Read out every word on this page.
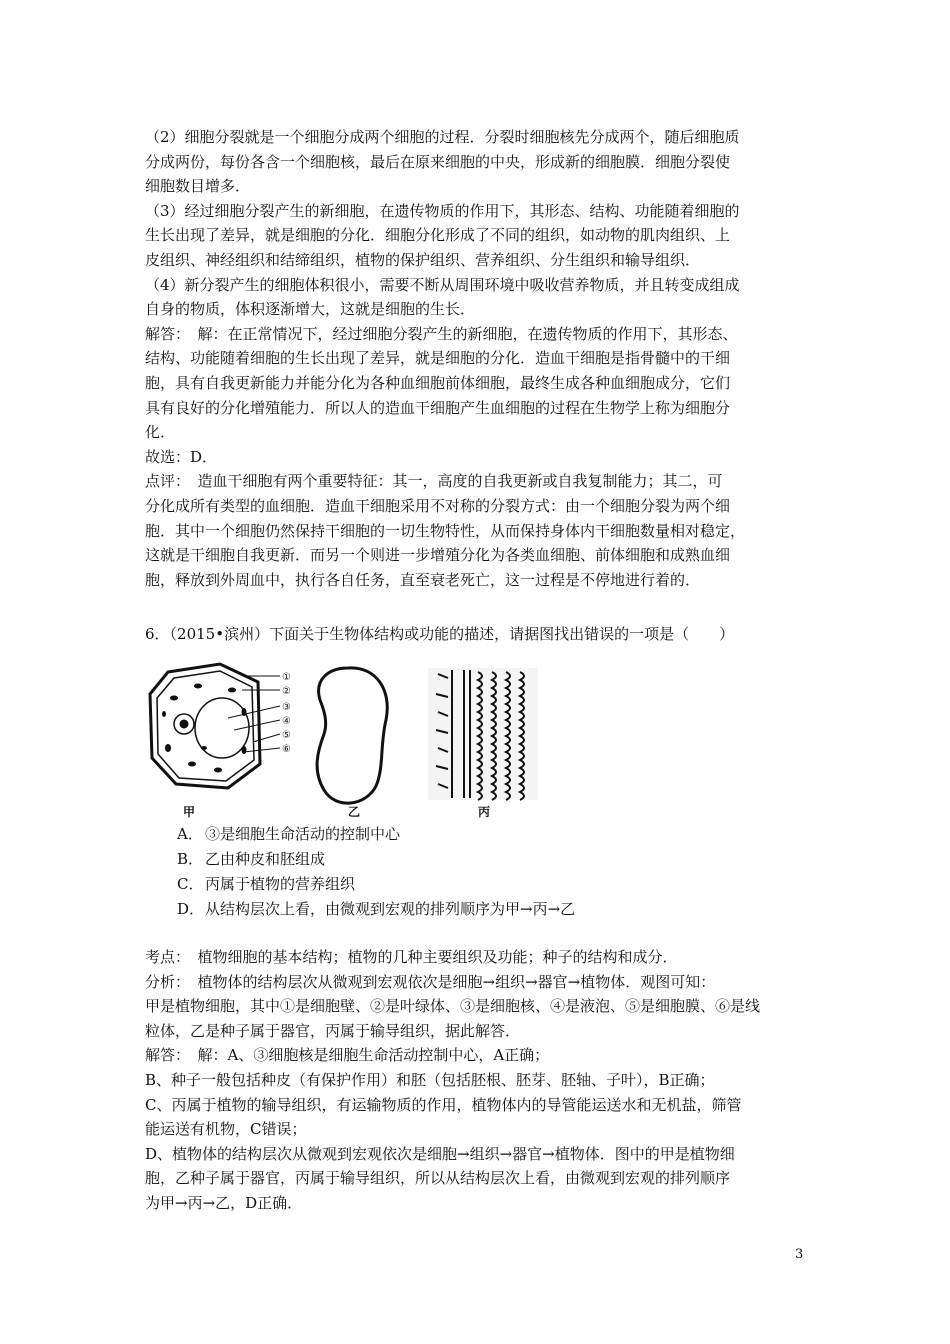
（2）细胞分裂就是一个细胞分成两个细胞的过程．分裂时细胞核先分成两个，随后细胞质
分成两份，每份各含一个细胞核，最后在原来细胞的中央，形成新的细胞膜．细胞分裂使
细胞数目增多．
（3）经过细胞分裂产生的新细胞，在遗传物质的作用下，其形态、结构、功能随着细胞的
生长出现了差异，就是细胞的分化．细胞分化形成了不同的组织，如动物的肌肉组织、上
皮组织、神经组织和结缔组织，植物的保护组织、营养组织、分生组织和输导组织．
（4）新分裂产生的细胞体积很小，需要不断从周围环境中吸收营养物质，并且转变成组成
自身的物质，体积逐渐增大，这就是细胞的生长．
解答：　解：在正常情况下，经过细胞分裂产生的新细胞，在遗传物质的作用下，其形态、
结构、功能随着细胞的生长出现了差异，就是细胞的分化．造血干细胞是指骨髓中的干细
胞，具有自我更新能力并能分化为各种血细胞前体细胞，最终生成各种血细胞成分，它们
具有良好的分化增殖能力．所以人的造血干细胞产生血细胞的过程在生物学上称为细胞分
化．
故选：D．
点评：　造血干细胞有两个重要特征：其一，高度的自我更新或自我复制能力；其二，可
分化成所有类型的血细胞．造血干细胞采用不对称的分裂方式：由一个细胞分裂为两个细
胞．其中一个细胞仍然保持干细胞的一切生物特性，从而保持身体内干细胞数量相对稳定，
这就是干细胞自我更新．而另一个则进一步增殖分化为各类血细胞、前体细胞和成熟血细
胞，释放到外周血中，执行各自任务，直至衰老死亡，这一过程是不停地进行着的．
6．（2015•滨州）下面关于生物体结构或功能的描述，请据图找出错误的一项是（　　）
①
②
③
④
⑤
⑥
甲	乙	丙
A． ③是细胞生命活动的控制中心
B． 乙由种皮和胚组成
C． 丙属于植物的营养组织
D．从结构层次上看，由微观到宏观的排列顺序为甲→丙→乙
考点：　植物细胞的基本结构；植物的几种主要组织及功能；种子的结构和成分．
分析：　植物体的结构层次从微观到宏观依次是细胞→组织→器官→植物体．观图可知：
甲是植物细胞，其中①是细胞壁、②是叶绿体、③是细胞核、④是液泡、⑤是细胞膜、⑥是线
粒体，乙是种子属于器官，丙属于输导组织，据此解答．
解答：　解：A、③细胞核是细胞生命活动控制中心，A正确；
B、种子一般包括种皮（有保护作用）和胚（包括胚根、胚芽、胚轴、子叶），B正确；
C、丙属于植物的输导组织，有运输物质的作用，植物体内的导管能运送水和无机盐，筛管
能运送有机物，C错误；
D、植物体的结构层次从微观到宏观依次是细胞→组织→器官→植物体．图中的甲是植物细
胞，乙种子属于器官，丙属于输导组织，所以从结构层次上看，由微观到宏观的排列顺序
为甲→丙→乙，D正确．
3
